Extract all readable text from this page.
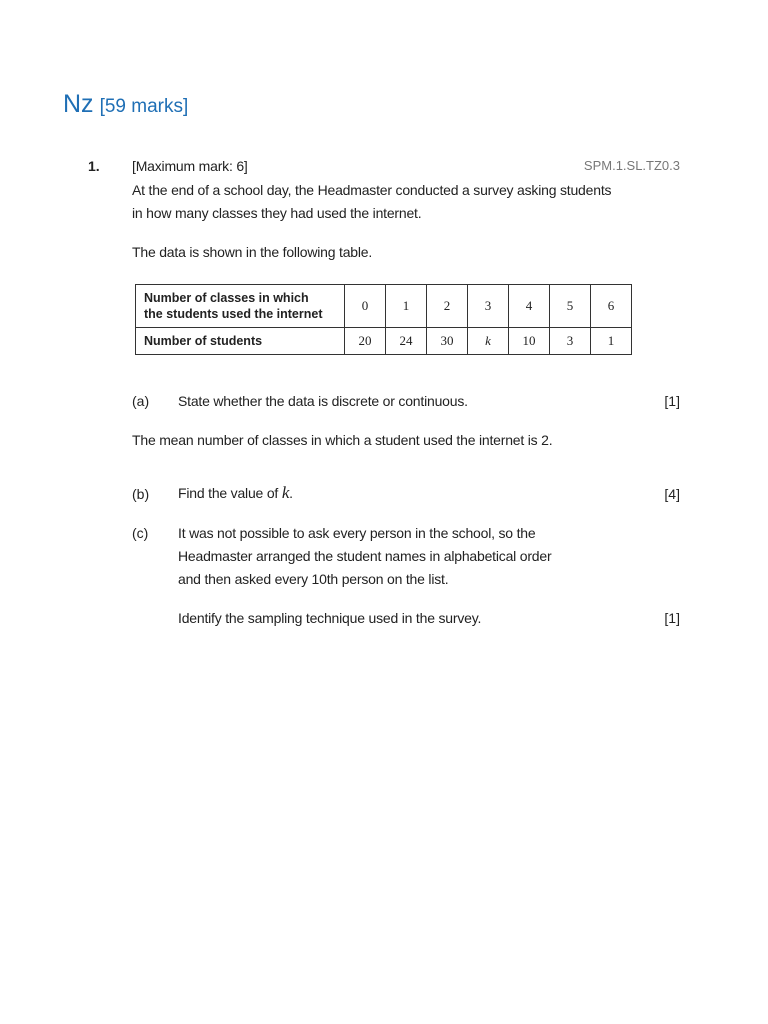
Nz [59 marks]
1. [Maximum mark: 6]	SPM.1.SL.TZ0.3
At the end of a school day, the Headmaster conducted a survey asking students
in how many classes they had used the internet.
The data is shown in the following table.
Number of classes in which
the students used the internet	0	1	2	3	4	5	6
Number of students	20	24	30	k	10	3	1
(a) State whether the data is discrete or continuous.	[1]
The mean number of classes in which a student used the internet is 2.
(b) Find the value of k.	[4]
(c) It was not possible to ask every person in the school, so the
Headmaster arranged the student names in alphabetical order
and then asked every 10th person on the list.
Identify the sampling technique used in the survey.	[1]
